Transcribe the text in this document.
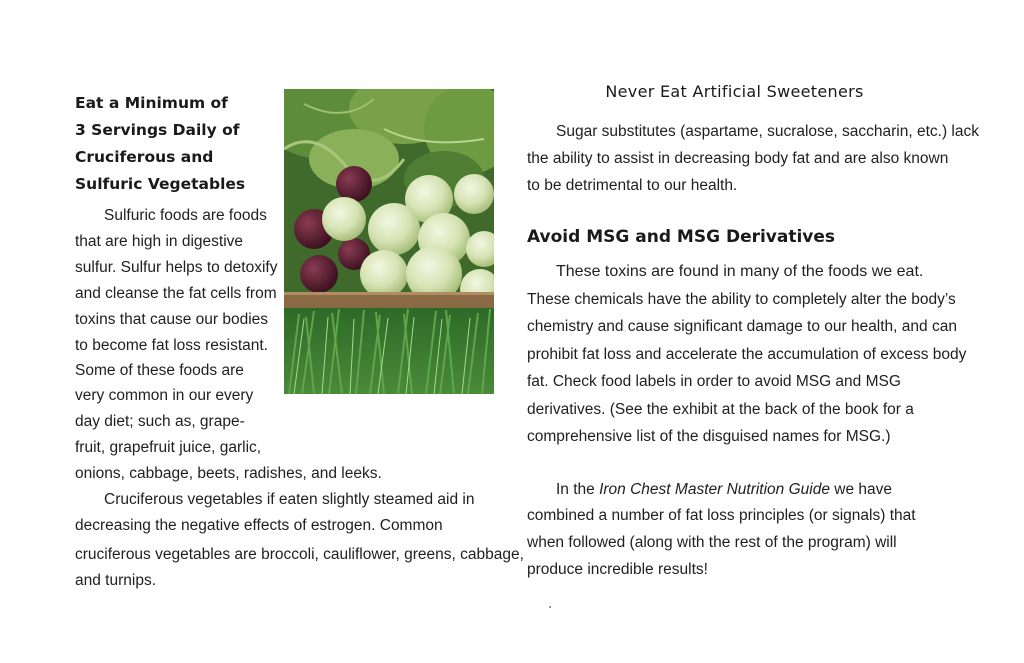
Eat a Minimum of
3 Servings Daily of
Cruciferous and
Sulfuric Vegetables
Sulfuric foods are foods
that are high in digestive
sulfur. Sulfur helps to detoxify
and cleanse the fat cells from
toxins that cause our bodies
to become fat loss resistant.
Some of these foods are
very common in our every
day diet; such as, grape-
fruit, grapefruit juice, garlic,
onions, cabbage, beets, radishes, and leeks.
Cruciferous vegetables if eaten slightly steamed aid in
decreasing the negative effects of estrogen. Common
cruciferous vegetables are broccoli, cauliflower, greens, cabbage,
and turnips.
Never Eat Artificial Sweeteners
Sugar substitutes (aspartame, sucralose, saccharin, etc.) lack
the ability to assist in decreasing body fat and are also known
to be detrimental to our health.
Avoid MSG and MSG Derivatives
These toxins are found in many of the foods we eat.
These chemicals have the ability to completely alter the body’s
chemistry and cause significant damage to our health, and can
prohibit fat loss and accelerate the accumulation of excess body
fat. Check food labels in order to avoid MSG and MSG
derivatives. (See the exhibit at the back of the book for a
comprehensive list of the disguised names for MSG.)
In the Iron Chest Master Nutrition Guide we have
combined a number of fat loss principles (or signals) that
when followed (along with the rest of the program) will
produce incredible results!
